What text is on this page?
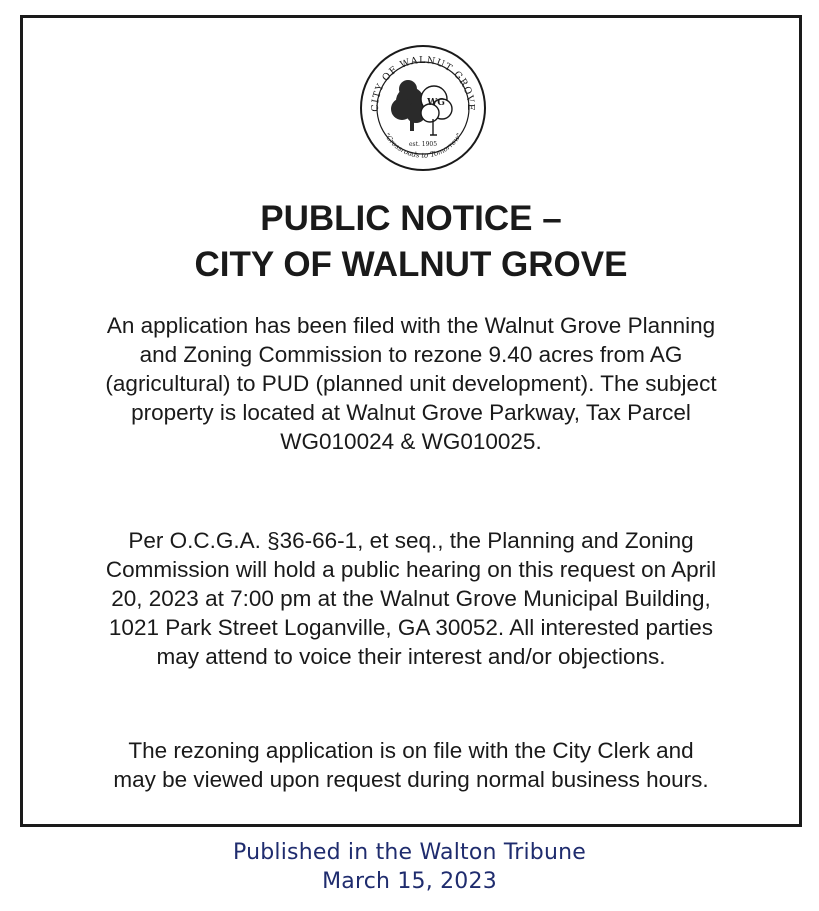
CITY OF WALNUT GROVE
"Crossroads to Tomorrow"
WG
est. 1905
PUBLIC NOTICE –
CITY OF WALNUT GROVE

An application has been filed with the Walnut Grove Planning
and Zoning Commission to rezone 9.40 acres from AG
(agricultural) to PUD (planned unit development). The subject
property is located at Walnut Grove Parkway, Tax Parcel
WG010024 & WG010025.

Per O.C.G.A. §36-66-1, et seq., the Planning and Zoning
Commission will hold a public hearing on this request on April
20, 2023 at 7:00 pm at the Walnut Grove Municipal Building,
1021 Park Street Loganville, GA 30052. All interested parties
may attend to voice their interest and/or objections.

The rezoning application is on file with the City Clerk and
may be viewed upon request during normal business hours.

Published in the Walton Tribune
March 15, 2023
